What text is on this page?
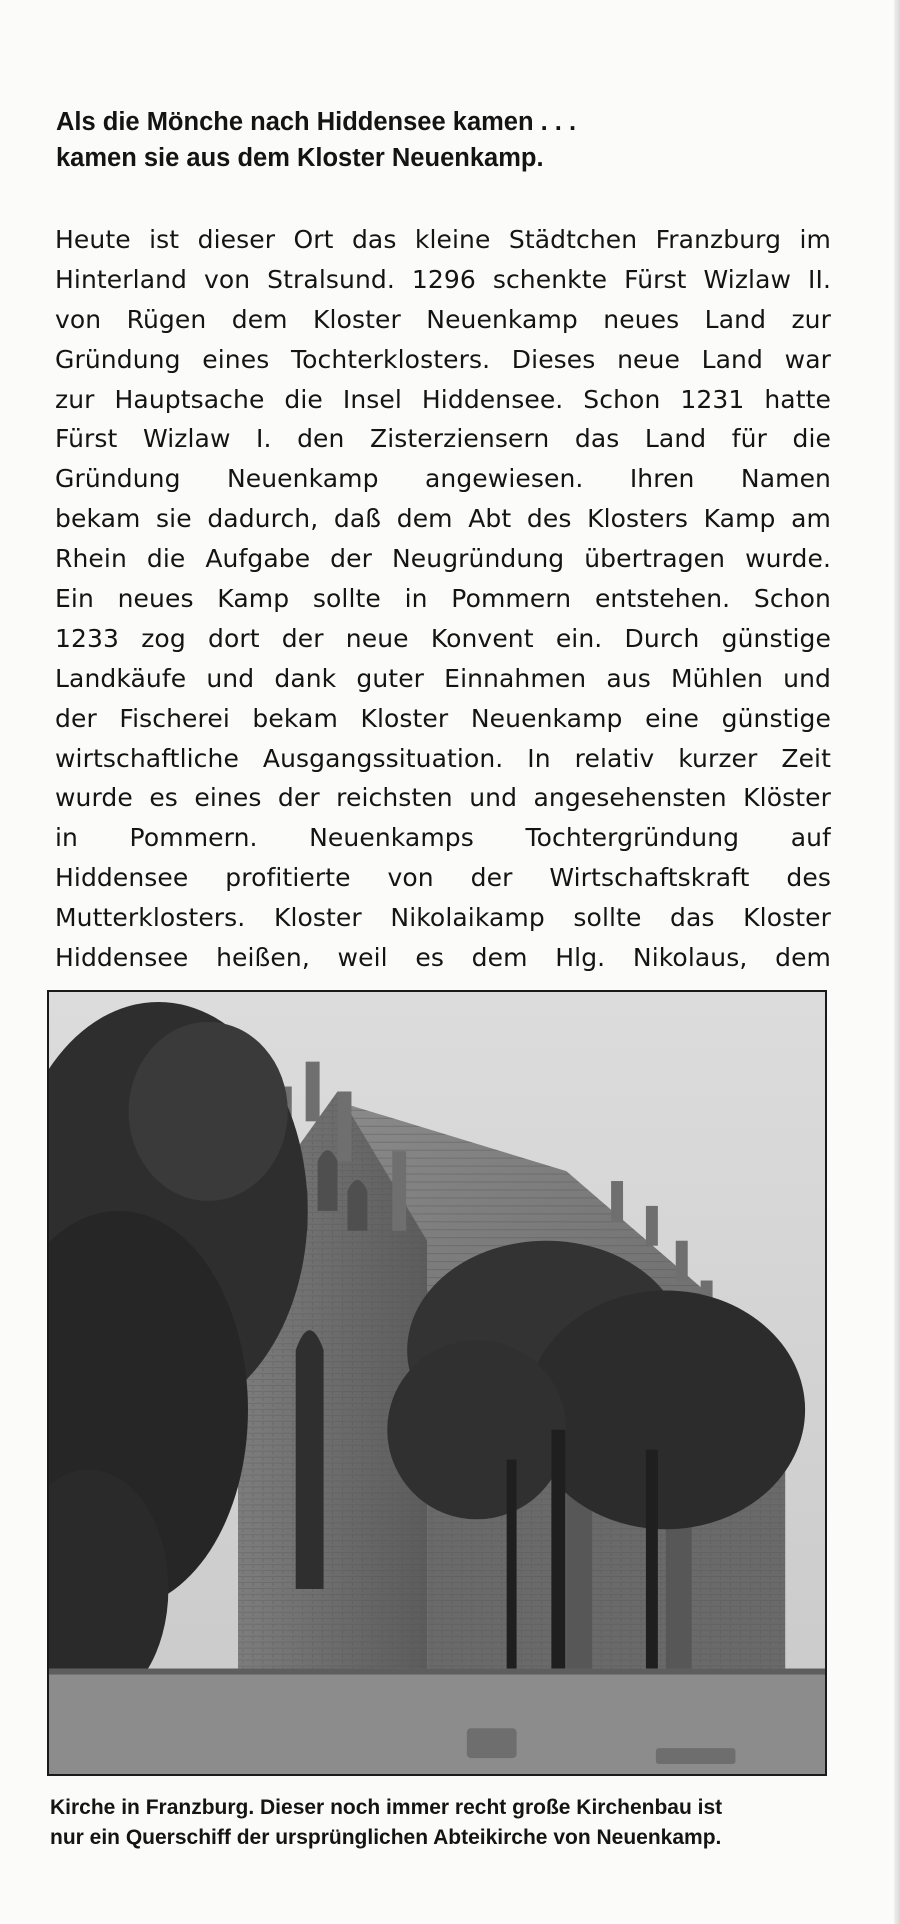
Als die Mönche nach Hiddensee kamen . . .
kamen sie aus dem Kloster Neuenkamp.
Heute ist dieser Ort das kleine Städtchen Franzburg im
Hinterland von Stralsund. 1296 schenkte Fürst Wizlaw II.
von Rügen dem Kloster Neuenkamp neues Land zur
Gründung eines Tochterklosters. Dieses neue Land war
zur Hauptsache die Insel Hiddensee. Schon 1231 hatte
Fürst Wizlaw I. den Zisterziensern das Land für die
Gründung Neuenkamp angewiesen. Ihren Namen
bekam sie dadurch, daß dem Abt des Klosters Kamp am
Rhein die Aufgabe der Neugründung übertragen wurde.
Ein neues Kamp sollte in Pommern entstehen. Schon
1233 zog dort der neue Konvent ein. Durch günstige
Landkäufe und dank guter Einnahmen aus Mühlen und
der Fischerei bekam Kloster Neuenkamp eine günstige
wirtschaftliche Ausgangssituation. In relativ kurzer Zeit
wurde es eines der reichsten und angesehensten Klöster
in Pommern. Neuenkamps Tochtergründung auf
Hiddensee profitierte von der Wirtschaftskraft des
Mutterklosters. Kloster Nikolaikamp sollte das Kloster
Hiddensee heißen, weil es dem Hlg. Nikolaus, dem
Kirche in Franzburg. Dieser noch immer recht große Kirchenbau ist
nur ein Querschiff der ursprünglichen Abteikirche von Neuenkamp.
